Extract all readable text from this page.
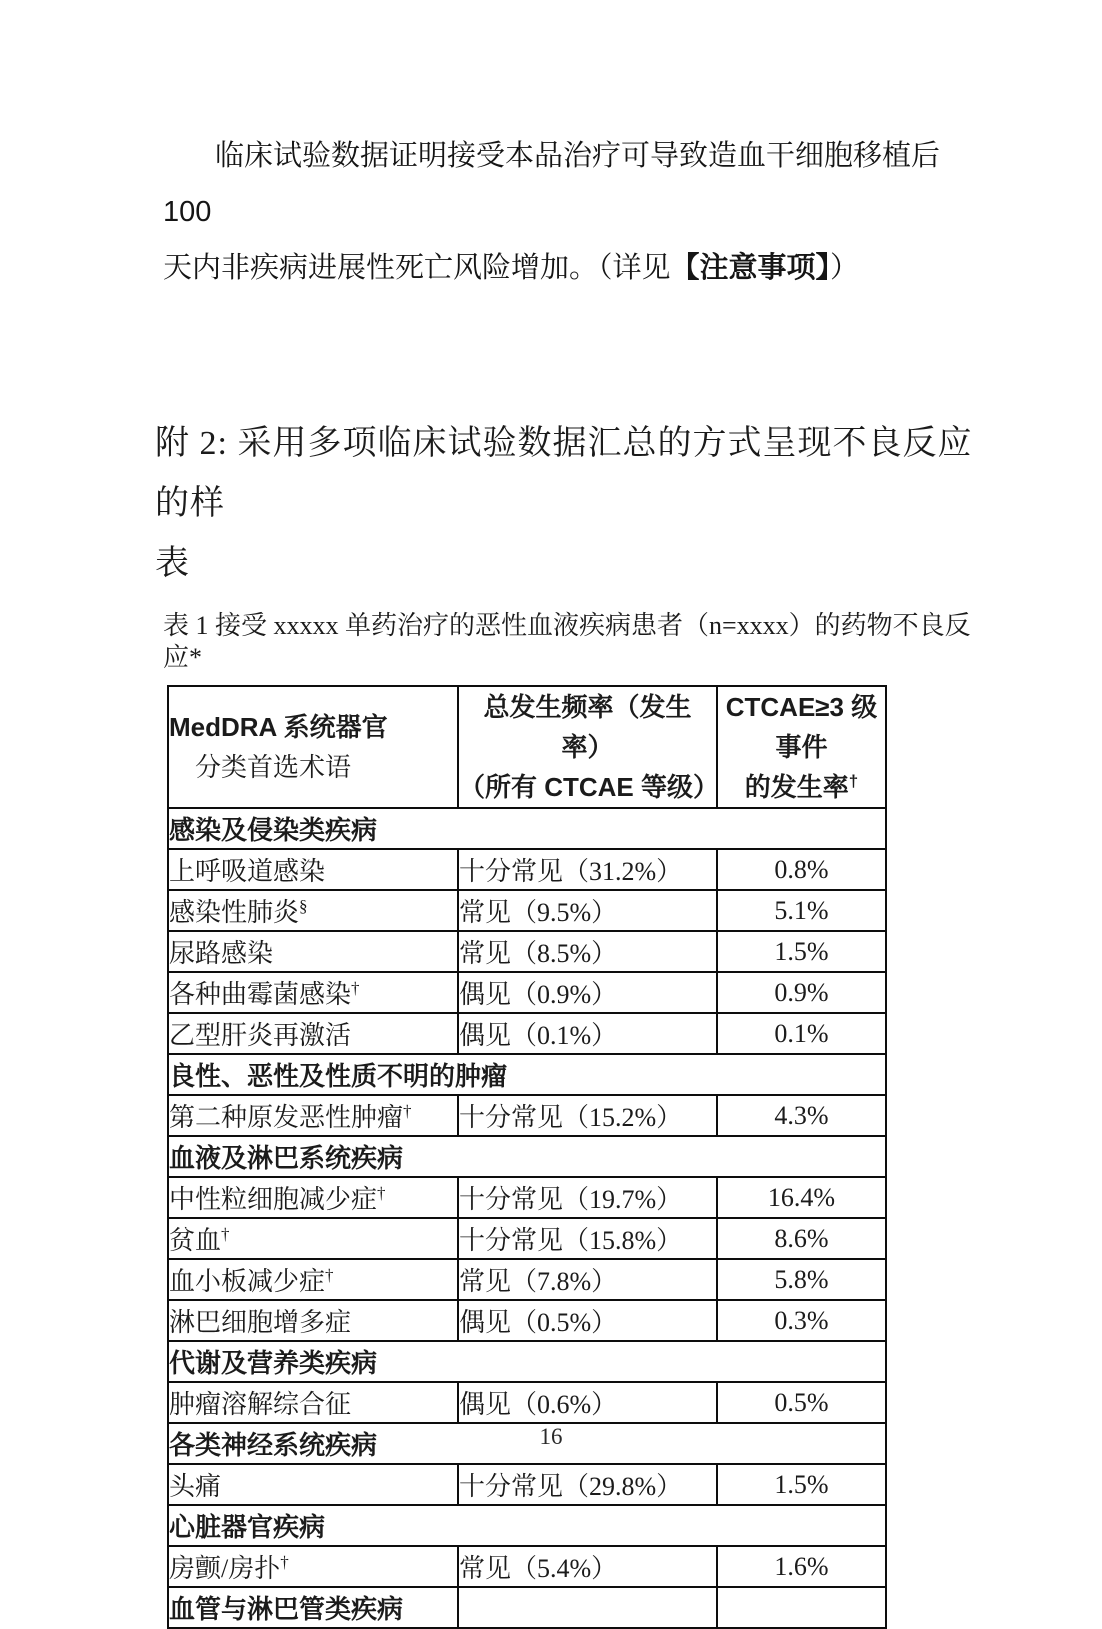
临床试验数据证明接受本品治疗可导致造血干细胞移植后 100
天内非疾病进展性死亡风险增加。（详见【注意事项】）

附 2: 采用多项临床试验数据汇总的方式呈现不良反应的样
表

表 1 接受 xxxxx 单药治疗的恶性血液疾病患者（n=xxxx）的药物不良反应*

MedDRA 系统器官
分类首选术语	总发生频率（发生率）
（所有 CTCAE 等级）	CTCAE≥3 级事件
的发生率†
感染及侵染类疾病		
上呼吸道感染	十分常见（31.2%）	0.8%
感染性肺炎§	常见（9.5%）	5.1%
尿路感染	常见（8.5%）	1.5%
各种曲霉菌感染†	偶见（0.9%）	0.9%
乙型肝炎再激活	偶见（0.1%）	0.1%
良性、恶性及性质不明的肿瘤		
第二种原发恶性肿瘤†	十分常见（15.2%）	4.3%
血液及淋巴系统疾病		
中性粒细胞减少症†	十分常见（19.7%）	16.4%
贫血†	十分常见（15.8%）	8.6%
血小板减少症†	常见（7.8%）	5.8%
淋巴细胞增多症	偶见（0.5%）	0.3%
代谢及营养类疾病		
肿瘤溶解综合征	偶见（0.6%）	0.5%
各类神经系统疾病		
头痛	十分常见（29.8%）	1.5%
心脏器官疾病		
房颤/房扑†	常见（5.4%）	1.6%
血管与淋巴管类疾病		
16
